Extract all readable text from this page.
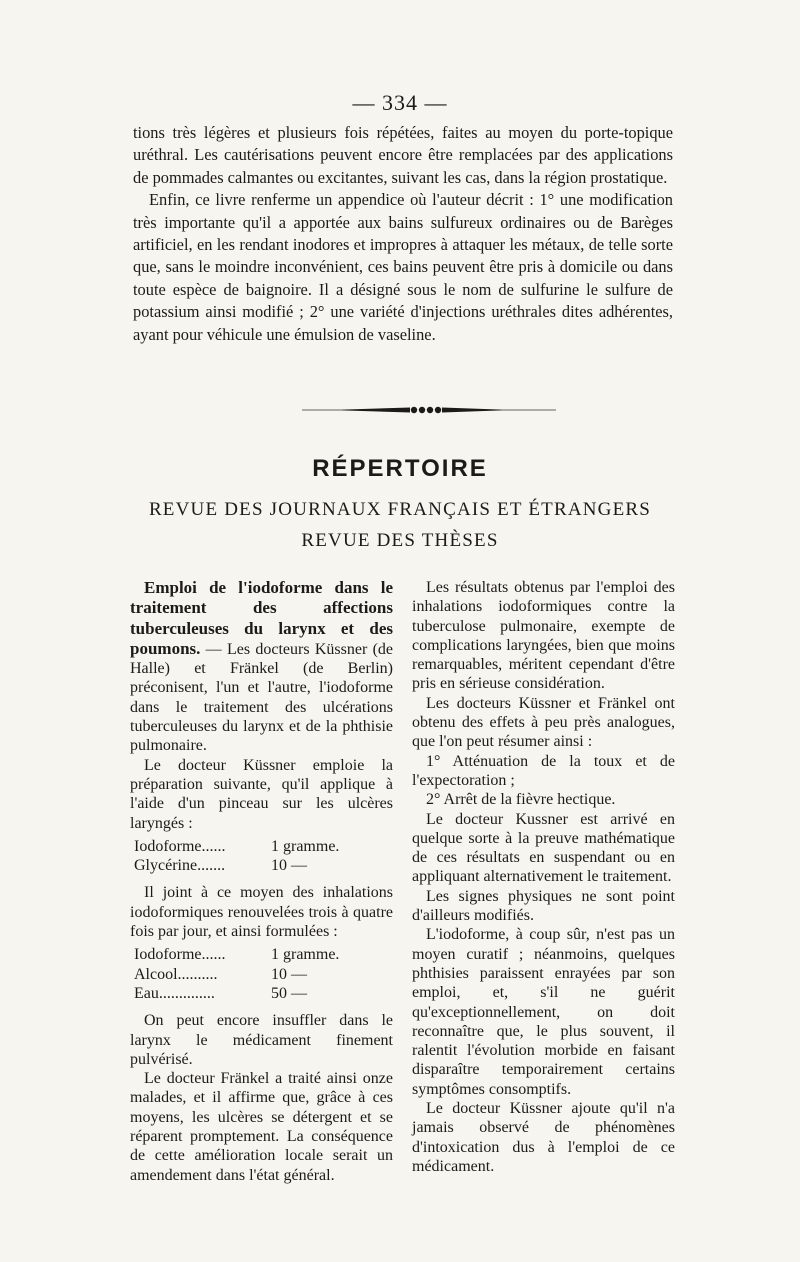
— 334 —

tions très légères et plusieurs fois répétées, faites au moyen du porte-topique uréthral. Les cautérisations peuvent encore être remplacées par des applications de pommades calmantes ou excitantes, suivant les cas, dans la région prostatique.

Enfin, ce livre renferme un appendice où l'auteur décrit : 1° une modification très importante qu'il a apportée aux bains sulfureux ordinaires ou de Barèges artificiel, en les rendant inodores et impropres à attaquer les métaux, de telle sorte que, sans le moindre inconvénient, ces bains peuvent être pris à domicile ou dans toute espèce de baignoire. Il a désigné sous le nom de sulfurine le sulfure de potassium ainsi modifié ; 2° une variété d'injections uréthrales dites adhérentes, ayant pour véhicule une émulsion de vaseline.

RÉPERTOIRE
REVUE DES JOURNAUX FRANÇAIS ET ÉTRANGERS
REVUE DES THÈSES

Emploi de l'iodoforme dans le traitement des affections tuberculeuses du larynx et des poumons. — Les docteurs Küssner (de Halle) et Fränkel (de Berlin) préconisent, l'un et l'autre, l'iodoforme dans le traitement des ulcérations tuberculeuses du larynx et de la phthisie pulmonaire.

Le docteur Küssner emploie la préparation suivante, qu'il applique à l'aide d'un pinceau sur les ulcères laryngés :

Iodoforme......	1 gramme.
Glycérine.......	10 —

Il joint à ce moyen des inhalations iodoformiques renouvelées trois à quatre fois par jour, et ainsi formulées :

Iodoforme......	1 gramme.
Alcool..........	10 —
Eau..............	50 —

On peut encore insuffler dans le larynx le médicament finement pulvérisé.

Le docteur Fränkel a traité ainsi onze malades, et il affirme que, grâce à ces moyens, les ulcères se détergent et se réparent promptement. La conséquence de cette amélioration locale serait un amendement dans l'état général.

Les résultats obtenus par l'emploi des inhalations iodoformiques contre la tuberculose pulmonaire, exempte de complications laryngées, bien que moins remarquables, méritent cependant d'être pris en sérieuse considération.

Les docteurs Küssner et Fränkel ont obtenu des effets à peu près analogues, que l'on peut résumer ainsi :

1° Atténuation de la toux et de l'expectoration ;

2° Arrêt de la fièvre hectique.

Le docteur Kussner est arrivé en quelque sorte à la preuve mathématique de ces résultats en suspendant ou en appliquant alternativement le traitement.

Les signes physiques ne sont point d'ailleurs modifiés.

L'iodoforme, à coup sûr, n'est pas un moyen curatif ; néanmoins, quelques phthisies paraissent enrayées par son emploi, et, s'il ne guérit qu'exceptionnellement, on doit reconnaître que, le plus souvent, il ralentit l'évolution morbide en faisant disparaître temporairement certains symptômes consomptifs.

Le docteur Küssner ajoute qu'il n'a jamais observé de phénomènes d'intoxication dus à l'emploi de ce médicament.
